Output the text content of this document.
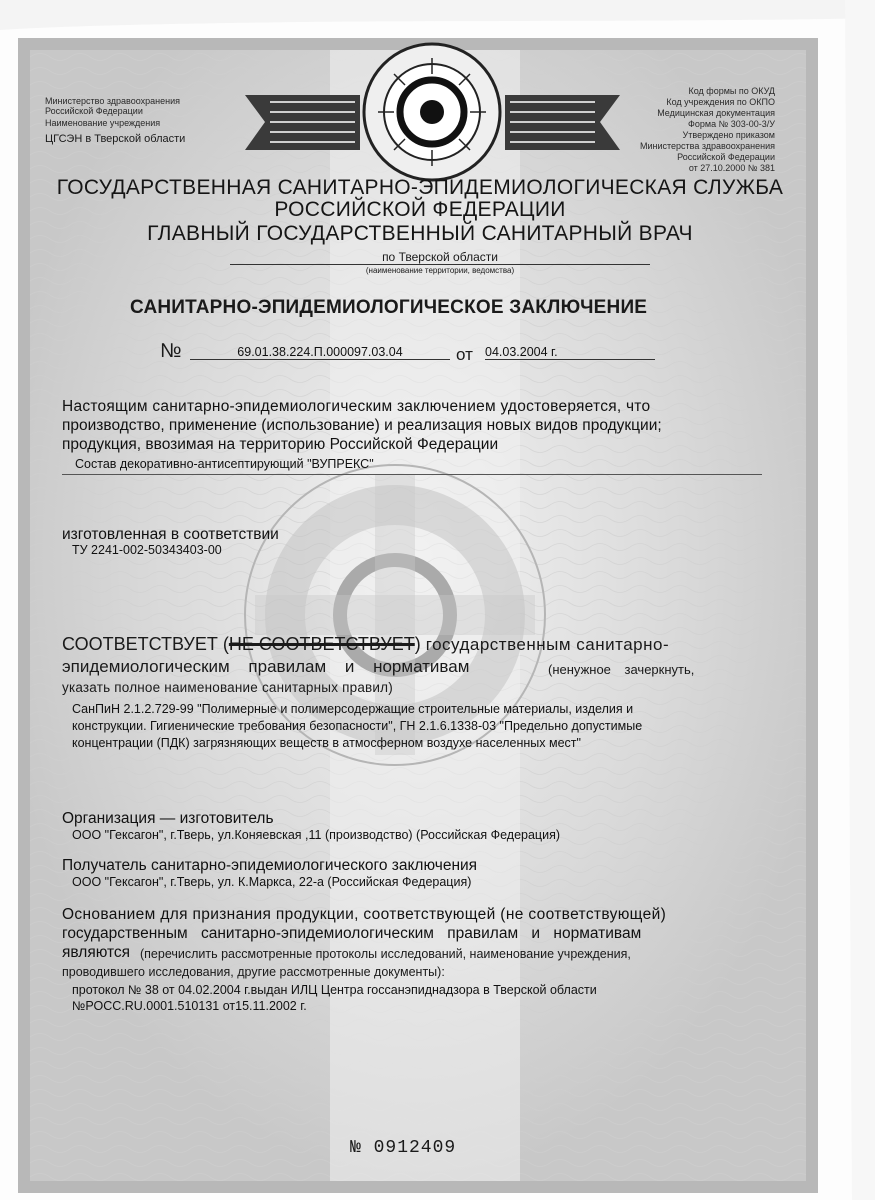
Министерство здравоохранения
Российской Федерации
Наименование учреждения
ЦГСЭН в Тверской области
Код формы по ОКУД
Код учреждения по ОКПО
Медицинская документация
Форма № 303-00-3/У
Утверждено приказом
Министерства здравоохранения
Российской Федерации
от 27.10.2000 № 381
ГОСУДАРСТВЕННАЯ САНИТАРНО-ЭПИДЕМИОЛОГИЧЕСКАЯ СЛУЖБА
РОССИЙСКОЙ ФЕДЕРАЦИИ
ГЛАВНЫЙ ГОСУДАРСТВЕННЫЙ САНИТАРНЫЙ ВРАЧ
по Тверской области
(наименование территории, ведомства)
САНИТАРНО-ЭПИДЕМИОЛОГИЧЕСКОЕ ЗАКЛЮЧЕНИЕ
№	69.01.38.224.П.000097.03.04	от 04.03.2004 г.
Настоящим санитарно-эпидемиологическим заключением удостоверяется, что
производство, применение (использование) и реализация новых видов продукции;
продукция, ввозимая на территорию Российской Федерации
Состав декоративно-антисептирующий "ВУПРЕКС"
изготовленная в соответствии
ТУ 2241-002-50343403-00
СООТВЕТСТВУЕТ (НЕ СООТВЕТСТВУЕТ) государственным санитарно-
эпидемиологическим правилам и нормативам	(ненужное зачеркнуть,
указать полное наименование санитарных правил)
СанПиН 2.1.2.729-99 "Полимерные и полимерсодержащие строительные материалы, изделия и
конструкции. Гигиенические требования безопасности", ГН 2.1.6.1338-03 "Предельно допустимые
концентрации (ПДК) загрязняющих веществ в атмосферном воздухе населенных мест"
Организация — изготовитель
ООО "Гексагон", г.Тверь, ул.Коняевская ,11 (производство) (Российская Федерация)
Получатель санитарно-эпидемиологического заключения
ООО "Гексагон", г.Тверь, ул. К.Маркса, 22-а (Российская Федерация)
Основанием для признания продукции, соответствующей (не соответствующей)
государственным санитарно-эпидемиологическим правилам и нормативам
являются (перечислить рассмотренные протоколы исследований, наименование учреждения,
проводившего исследования, другие рассмотренные документы):
протокол № 38 от 04.02.2004 г.выдан ИЛЦ Центра госсанэпиднадзора в Тверской области
№РОСС.RU.0001.510131 от15.11.2002 г.
№ 0912409
